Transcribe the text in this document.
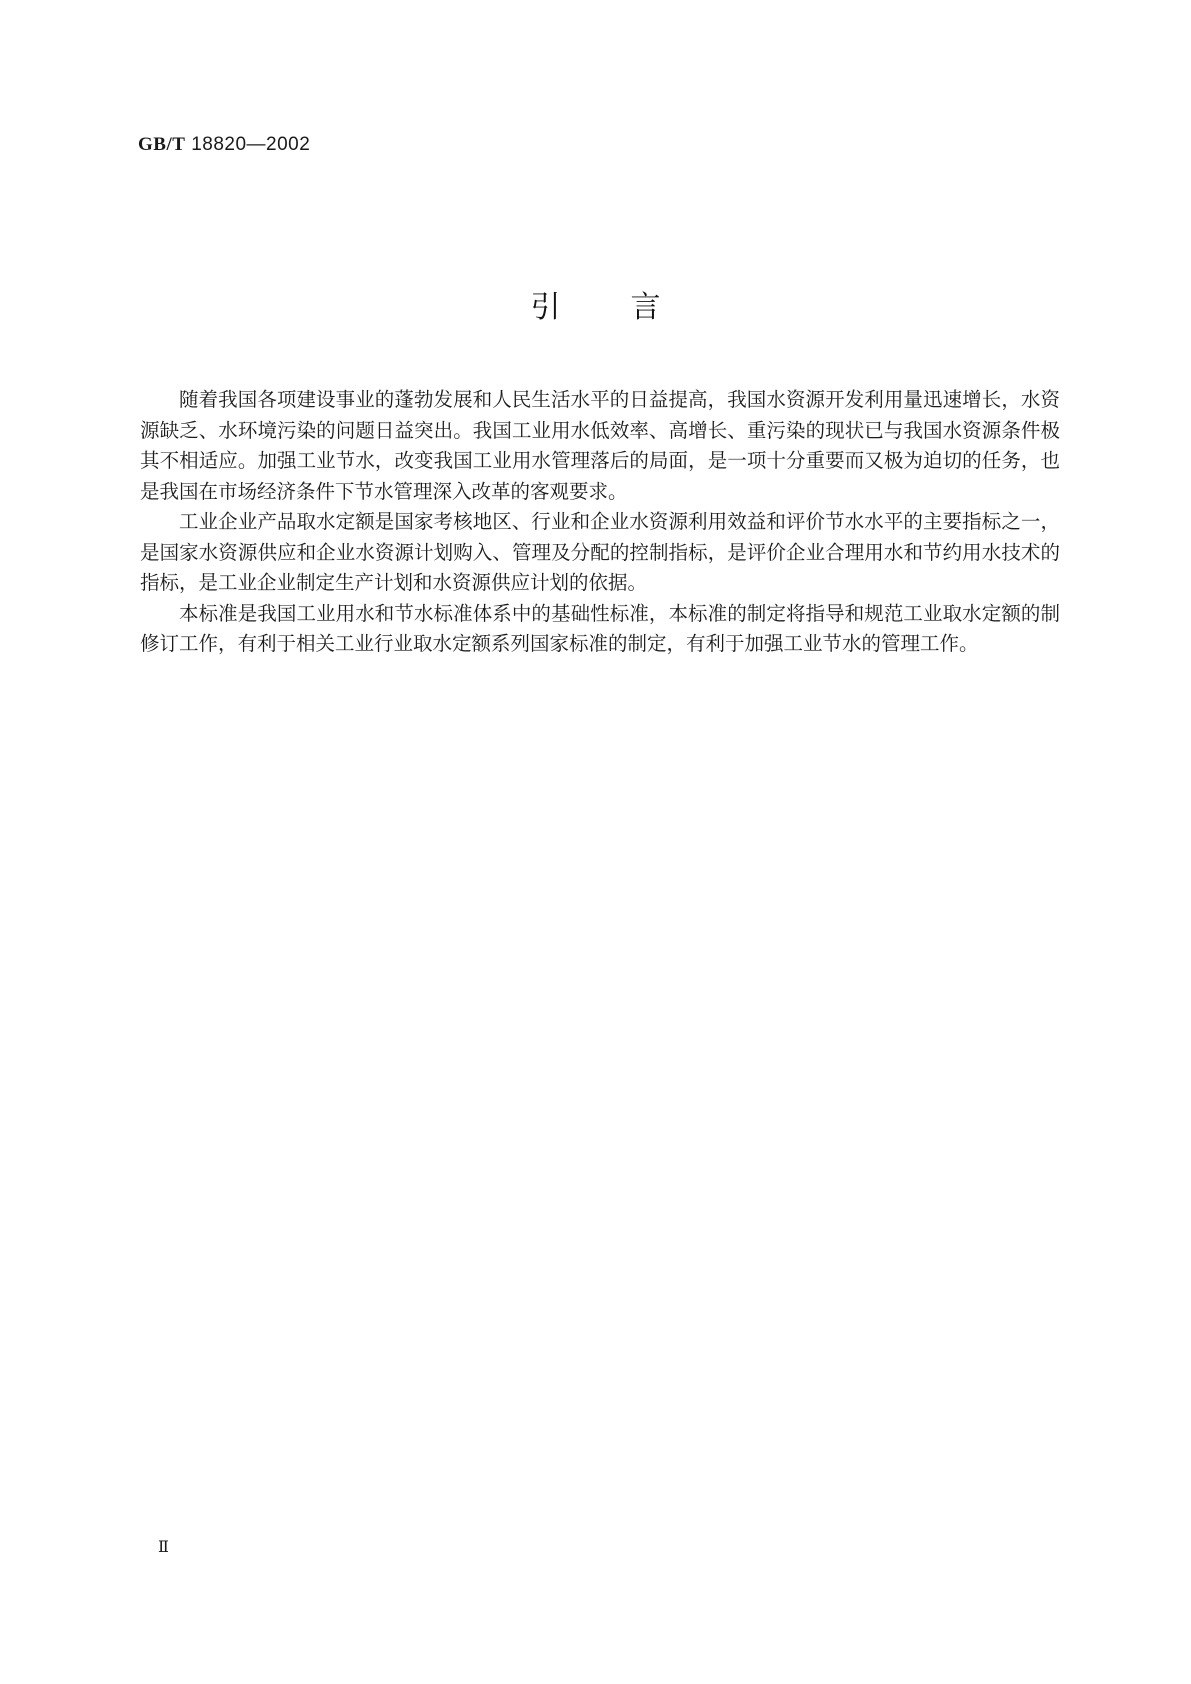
GB/T 18820—2002
引言

随着我国各项建设事业的蓬勃发展和人民生活水平的日益提高，我国水资源开发利用量迅速增长，水资源缺乏、水环境污染的问题日益突出。我国工业用水低效率、高增长、重污染的现状已与我国水资源条件极其不相适应。加强工业节水，改变我国工业用水管理落后的局面，是一项十分重要而又极为迫切的任务，也是我国在市场经济条件下节水管理深入改革的客观要求。

工业企业产品取水定额是国家考核地区、行业和企业水资源利用效益和评价节水水平的主要指标之一，是国家水资源供应和企业水资源计划购入、管理及分配的控制指标，是评价企业合理用水和节约用水技术的指标，是工业企业制定生产计划和水资源供应计划的依据。

本标准是我国工业用水和节水标准体系中的基础性标准，本标准的制定将指导和规范工业取水定额的制修订工作，有利于相关工业行业取水定额系列国家标准的制定，有利于加强工业节水的管理工作。

Ⅱ
